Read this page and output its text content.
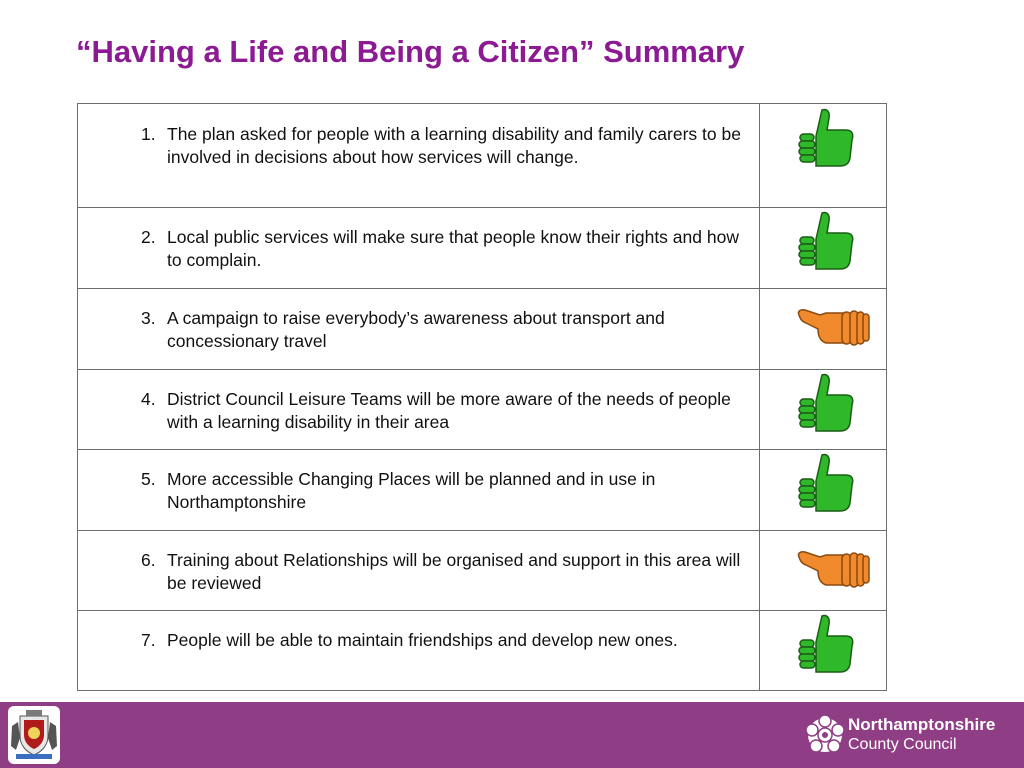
“Having a Life and Being a Citizen” Summary
1. The plan asked for people with a learning disability and family carers to be involved in decisions about how services will change.

2. Local public services will make sure that people know their rights and how to complain.

3. A campaign to raise everybody’s awareness about transport and concessionary travel

4. District Council Leisure Teams will be more aware of the needs of people with a learning disability in their area

5. More accessible Changing Places will be planned and in use in Northamptonshire

6. Training about Relationships will be organised and support in this area will be reviewed

7. People will be able to maintain friendships and develop new ones.

Northamptonshire
County Council
